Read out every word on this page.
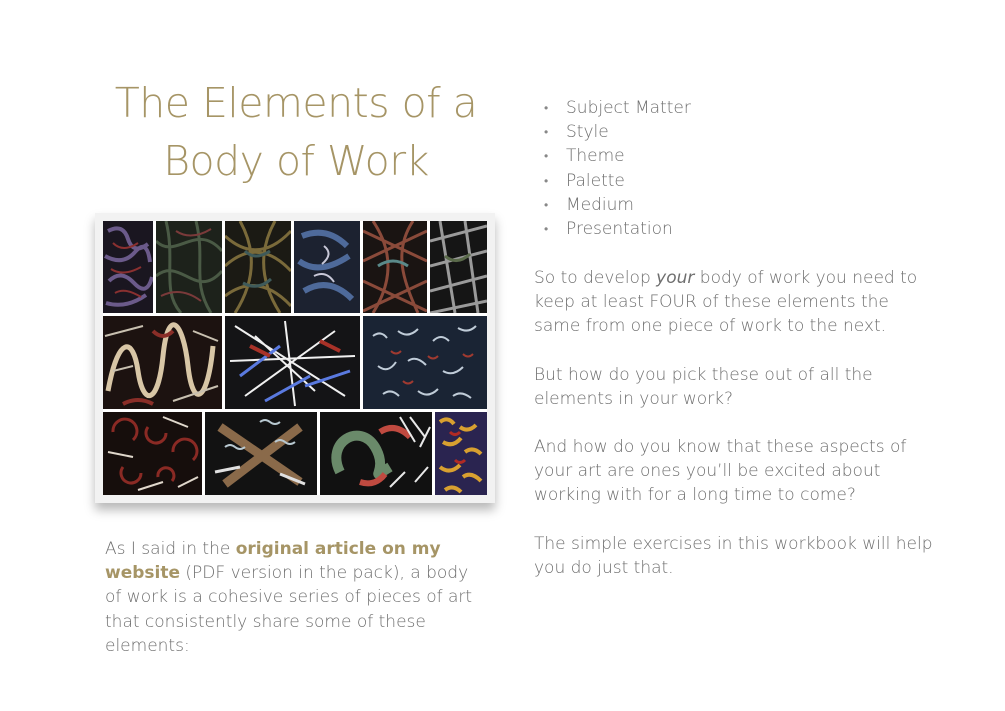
The Elements of a
Body of Work
• Subject Matter
• Style
• Theme
• Palette
• Medium
• Presentation

So to develop your body of work you need to keep at least FOUR of these elements the same from one piece of work to the next.

But how do you pick these out of all the elements in your work?

And how do you know that these aspects of your art are ones you’ll be excited about working with for a long time to come?

The simple exercises in this workbook will help you do just that.

As I said in the original article on my website (PDF version in the pack), a body of work is a cohesive series of pieces of art that consistently share some of these elements:
